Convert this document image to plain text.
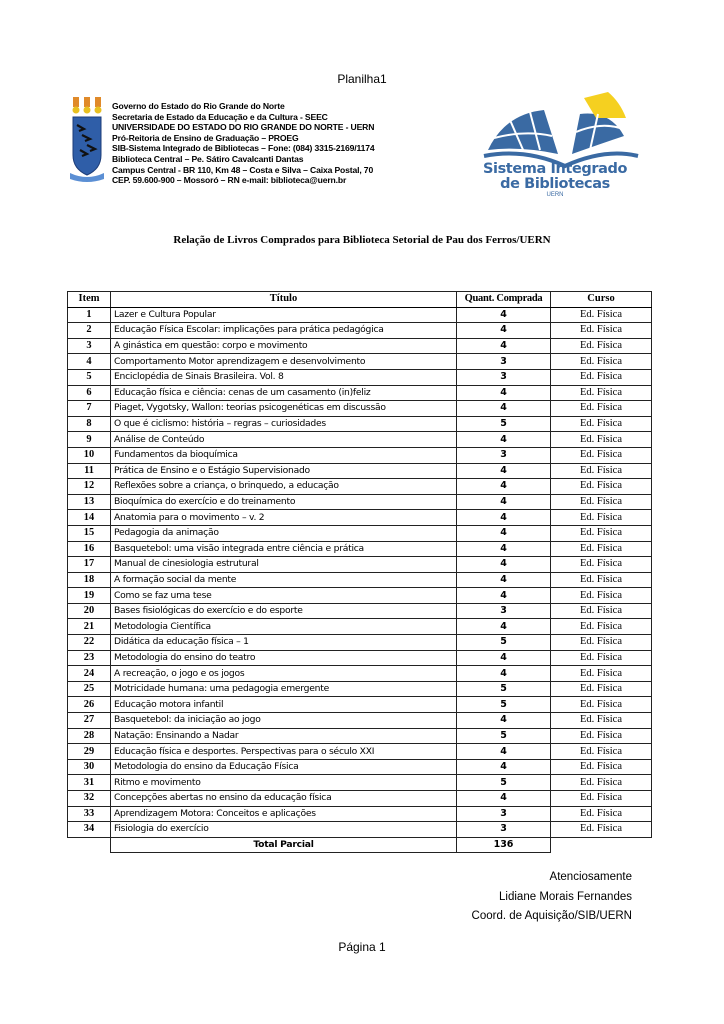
Planilha1
Governo do Estado do Rio Grande do Norte
Secretaria de Estado da Educação e da Cultura - SEEC
UNIVERSIDADE DO ESTADO DO RIO GRANDE DO NORTE - UERN
Pró-Reitoria de Ensino de Graduação – PROEG
SIB-Sistema Integrado de Bibliotecas – Fone: (084) 3315-2169/1174
Biblioteca Central – Pe. Sátiro Cavalcanti Dantas
Campus Central - BR 110, Km 48 – Costa e Silva – Caixa Postal, 70
CEP. 59.600-900 – Mossoró – RN e-mail: biblioteca@uern.br
Sistema Integrado
de Bibliotecas
UERN
Relação de Livros Comprados para Biblioteca Setorial de Pau dos Ferros/UERN
Item	Título	Quant. Comprada	Curso
1	Lazer e Cultura Popular	4	Ed. Física
2	Educação Física Escolar: implicações para prática pedagógica	4	Ed. Física
3	A ginástica em questão: corpo e movimento	4	Ed. Física
4	Comportamento Motor aprendizagem e desenvolvimento	3	Ed. Física
5	Enciclopédia de Sinais Brasileira. Vol. 8	3	Ed. Física
6	Educação física e ciência: cenas de um casamento (in)feliz	4	Ed. Física
7	Piaget, Vygotsky, Wallon: teorias psicogenéticas em discussão	4	Ed. Física
8	O que é ciclismo: história – regras – curiosidades	5	Ed. Física
9	Análise de Conteúdo	4	Ed. Física
10	Fundamentos da bioquímica	3	Ed. Física
11	Prática de Ensino e o Estágio Supervisionado	4	Ed. Física
12	Reflexões sobre a criança, o brinquedo, a educação	4	Ed. Física
13	Bioquímica do exercício e do treinamento	4	Ed. Física
14	Anatomia para o movimento – v. 2	4	Ed. Física
15	Pedagogia da animação	4	Ed. Física
16	Basquetebol: uma visão integrada entre ciência e prática	4	Ed. Física
17	Manual de cinesiologia estrutural	4	Ed. Física
18	A formação social da mente	4	Ed. Física
19	Como se faz uma tese	4	Ed. Física
20	Bases fisiológicas do exercício e do esporte	3	Ed. Física
21	Metodologia Científica	4	Ed. Física
22	Didática da educação física – 1	5	Ed. Física
23	Metodologia do ensino do teatro	4	Ed. Física
24	A recreação, o jogo e os jogos	4	Ed. Física
25	Motricidade humana: uma pedagogia emergente	5	Ed. Física
26	Educação motora infantil	5	Ed. Física
27	Basquetebol: da iniciação ao jogo	4	Ed. Física
28	Natação: Ensinando a Nadar	5	Ed. Física
29	Educação física e desportes. Perspectivas para o século XXI	4	Ed. Física
30	Metodologia do ensino da Educação Física	4	Ed. Física
31	Ritmo e movimento	5	Ed. Física
32	Concepções abertas no ensino da educação física	4	Ed. Física
33	Aprendizagem Motora: Conceitos e aplicações	3	Ed. Física
34	Fisiologia do exercício	3	Ed. Física
	Total Parcial	136	
Atenciosamente
Lidiane Morais Fernandes
Coord. de Aquisição/SIB/UERN
Página 1
